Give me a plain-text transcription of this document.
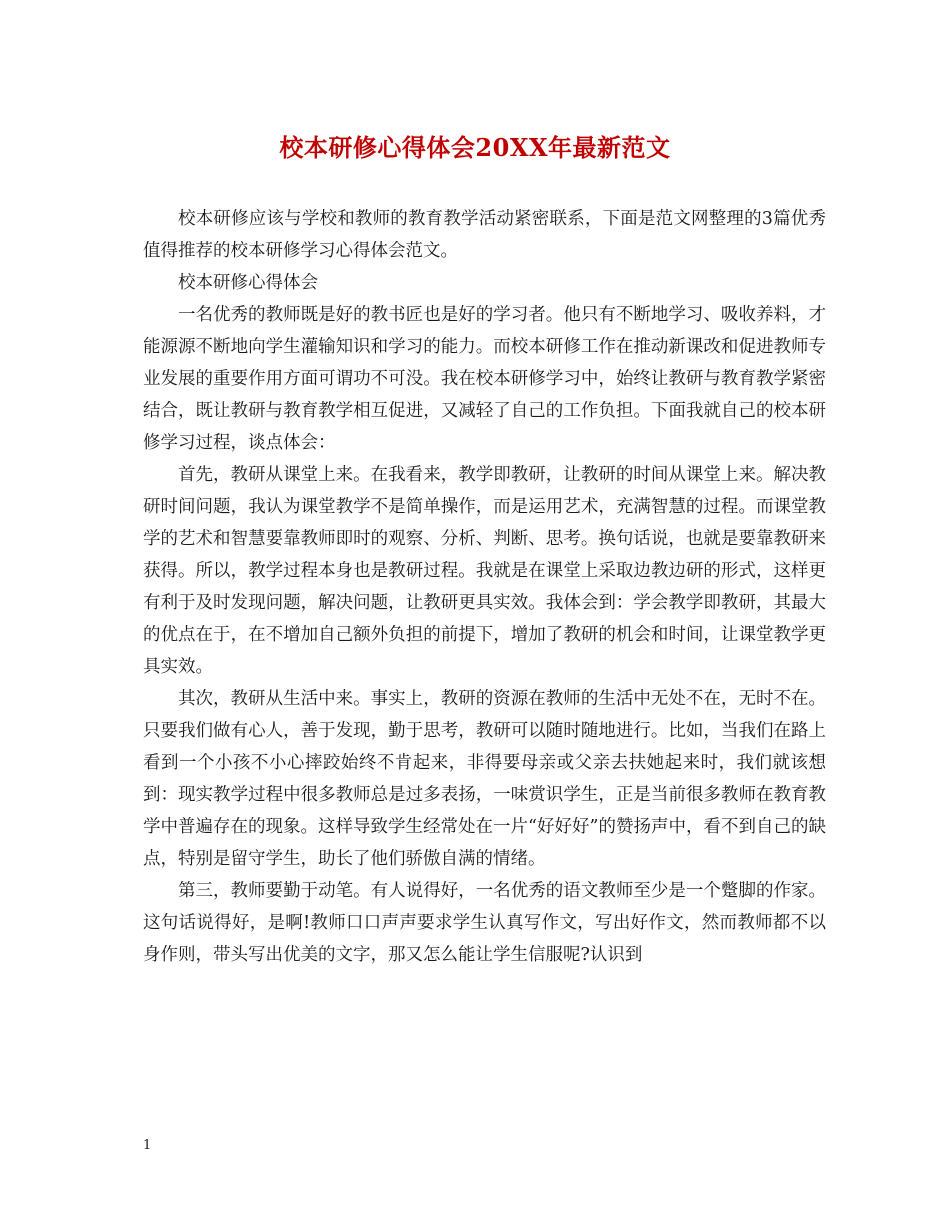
校本研修心得体会20XX年最新范文

校本研修应该与学校和教师的教育教学活动紧密联系，下面是范文网整理的3篇优秀值得推荐的校本研修学习心得体会范文。

校本研修心得体会

一名优秀的教师既是好的教书匠也是好的学习者。他只有不断地学习、吸收养料，才能源源不断地向学生灌输知识和学习的能力。而校本研修工作在推动新课改和促进教师专业发展的重要作用方面可谓功不可没。我在校本研修学习中，始终让教研与教育教学紧密结合，既让教研与教育教学相互促进，又减轻了自己的工作负担。下面我就自己的校本研修学习过程，谈点体会：

首先，教研从课堂上来。在我看来，教学即教研，让教研的时间从课堂上来。解决教研时间问题，我认为课堂教学不是简单操作，而是运用艺术，充满智慧的过程。而课堂教学的艺术和智慧要靠教师即时的观察、分析、判断、思考。换句话说，也就是要靠教研来获得。所以，教学过程本身也是教研过程。我就是在课堂上采取边教边研的形式，这样更有利于及时发现问题，解决问题，让教研更具实效。我体会到：学会教学即教研，其最大的优点在于，在不增加自己额外负担的前提下，增加了教研的机会和时间，让课堂教学更具实效。

其次，教研从生活中来。事实上，教研的资源在教师的生活中无处不在，无时不在。只要我们做有心人，善于发现，勤于思考，教研可以随时随地进行。比如，当我们在路上看到一个小孩不小心摔跤始终不肯起来，非得要母亲或父亲去扶她起来时，我们就该想到：现实教学过程中很多教师总是过多表扬，一味赏识学生，正是当前很多教师在教育教学中普遍存在的现象。这样导致学生经常处在一片“好好好”的赞扬声中，看不到自己的缺点，特别是留守学生，助长了他们骄傲自满的情绪。

第三，教师要勤于动笔。有人说得好，一名优秀的语文教师至少是一个蹩脚的作家。这句话说得好，是啊!教师口口声声要求学生认真写作文，写出好作文，然而教师都不以身作则，带头写出优美的文字，那又怎么能让学生信服呢?认识到

1
